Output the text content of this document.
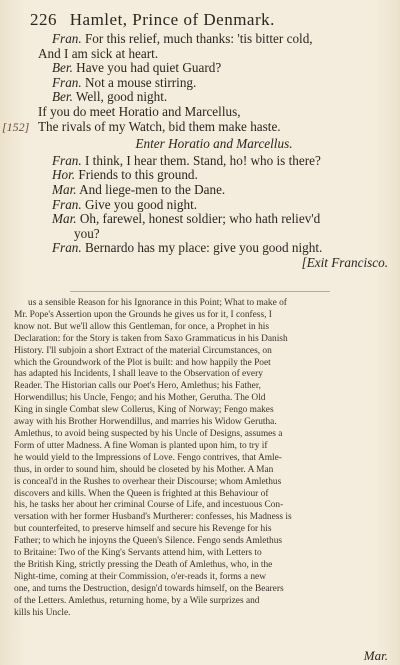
226 Hamlet, Prince of Denmark.
Fran. For this relief, much thanks: 'tis bitter cold,
And I am sick at heart.
Ber. Have you had quiet Guard?
Fran. Not a mouse stirring.
Ber. Well, good night.
If you do meet Horatio and Marcellus,
[152] The rivals of my Watch, bid them make haste.
Enter Horatio and Marcellus.
Fran. I think, I hear them. Stand, ho! who is there?
Hor. Friends to this ground.
Mar. And liege-men to the Dane.
Fran. Give you good night.
Mar. Oh, farewel, honest soldier; who hath reliev'd
you?
Fran. Bernardo has my place: give you good night.
[Exit Francisco.
us a sensible Reason for his Ignorance in this Point; What to make of
Mr. Pope's Assertion upon the Grounds he gives us for it, I confess, I
know not. But we'll allow this Gentleman, for once, a Prophet in his
Declaration: for the Story is taken from Saxo Grammaticus in his Danish
History. I'll subjoin a short Extract of the material Circumstances, on
which the Groundwork of the Plot is built: and how happily the Poet
has adapted his Incidents, I shall leave to the Observation of every
Reader. The Historian calls our Poet's Hero, Amlethus; his Father,
Horwendillus; his Uncle, Fengo; and his Mother, Gerutha. The Old
King in single Combat slew Collerus, King of Norway; Fengo makes
away with his Brother Horwendillus, and marries his Widow Gerutha.
Amlethus, to avoid being suspected by his Uncle of Designs, assumes a
Form of utter Madness. A fine Woman is planted upon him, to try if
he would yield to the Impressions of Love. Fengo contrives, that Amle-
thus, in order to sound him, should be closeted by his Mother. A Man
is conceal'd in the Rushes to overhear their Discourse; whom Amlethus
discovers and kills. When the Queen is frighted at this Behaviour of
his, he tasks her about her criminal Course of Life, and incestuous Con-
versation with her former Husband's Murtherer: confesses, his Madness is
but counterfeited, to preserve himself and secure his Revenge for his
Father; to which he injoyns the Queen's Silence. Fengo sends Amlethus
to Britaine: Two of the King's Servants attend him, with Letters to
the British King, strictly pressing the Death of Amlethus, who, in the
Night-time, coming at their Commission, o'er-reads it, forms a new
one, and turns the Destruction, design'd towards himself, on the Bearers
of the Letters. Amlethus, returning home, by a Wile surprizes and
kills his Uncle.
Mar.
